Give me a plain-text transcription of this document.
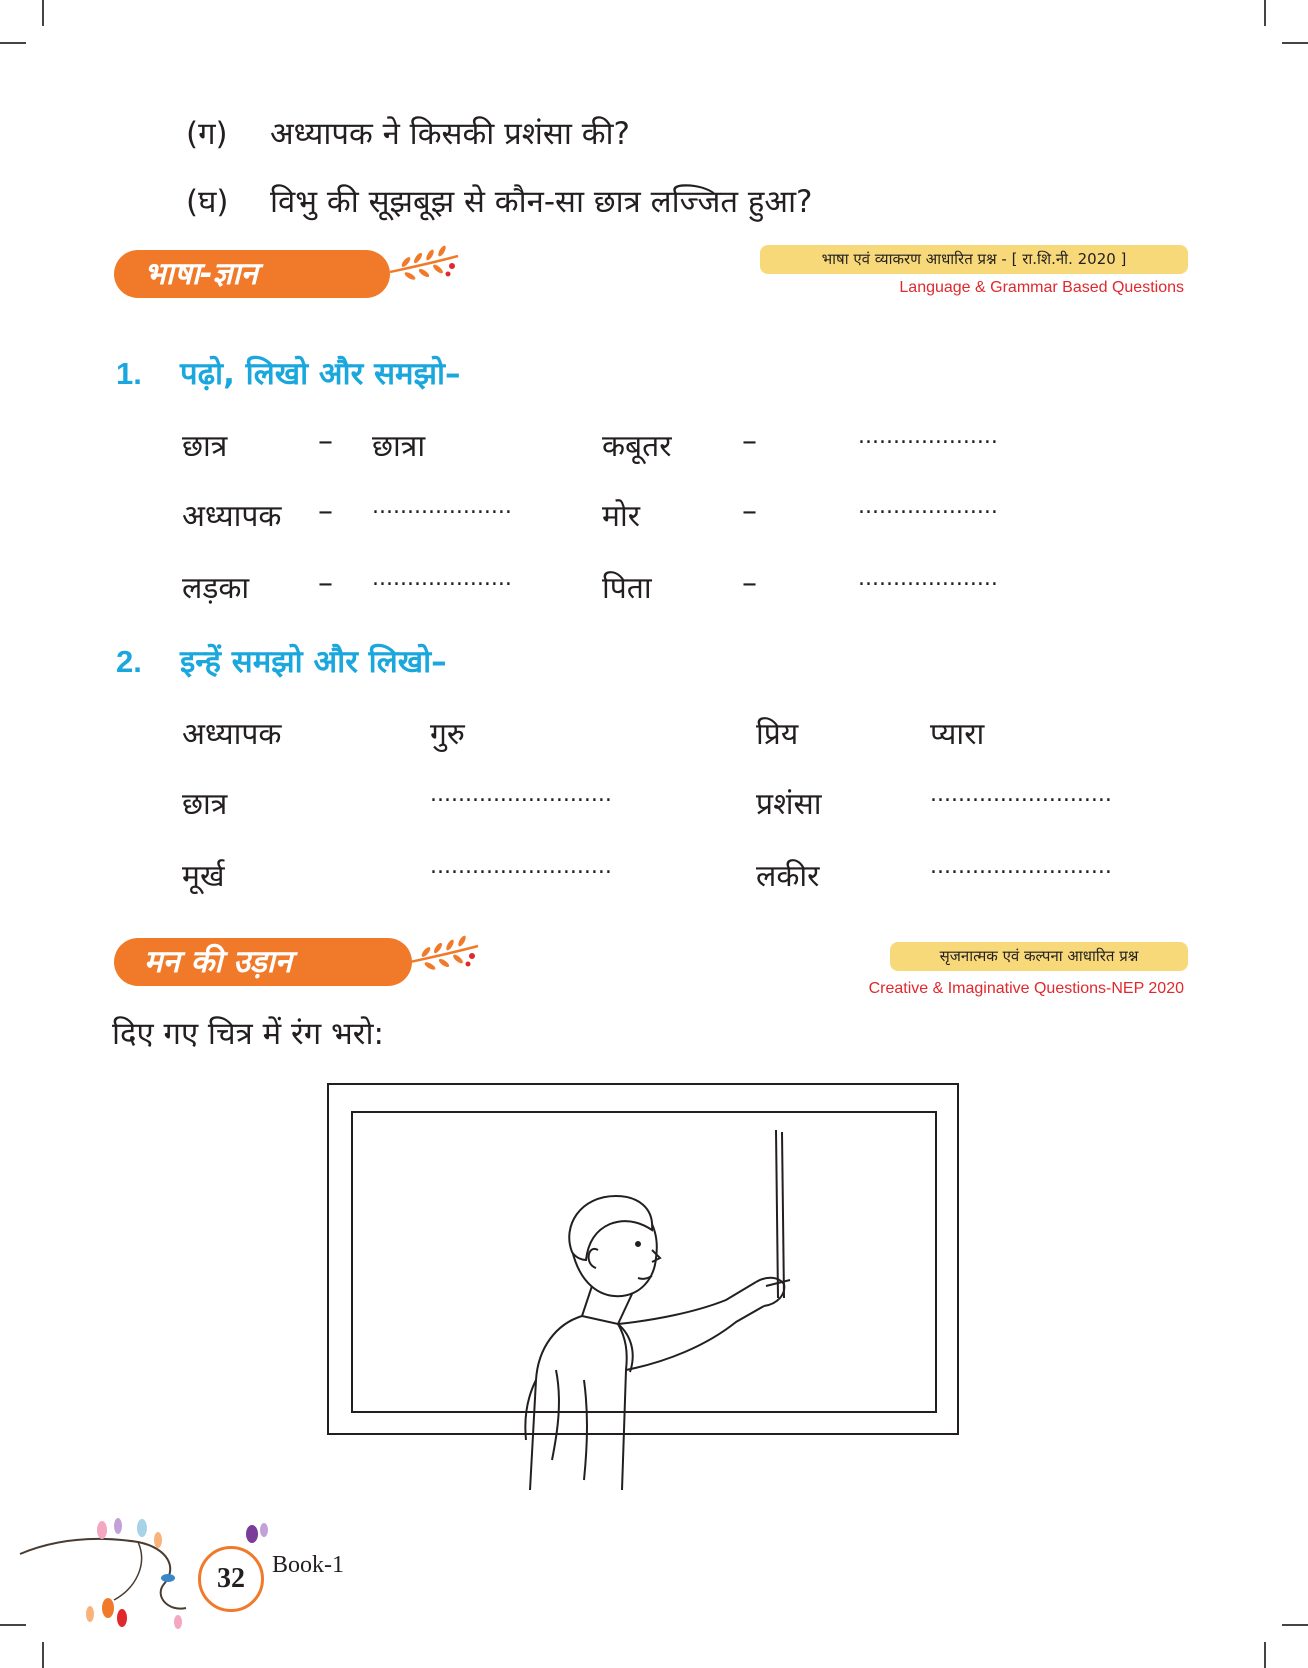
(ग) अध्यापक ने किसकी प्रशंसा की?
(घ) विभु की सूझबूझ से कौन-सा छात्र लज्जित हुआ?
भाषा-ज्ञान	भाषा एवं व्याकरण आधारित प्रश्न - [ रा.शि.नी. 2020 ]
Language & Grammar Based Questions
1. पढ़ो, लिखो और समझो–
छात्र	– छात्रा	कबूतर –	....................
अध्यापक – ....................	मोर	–	....................
लड़का – ....................	पिता	–	....................
2. इन्हें समझो और लिखो–
अध्यापक	गुरु	प्रिय	प्यारा
छात्र	..........................	प्रशंसा	..........................
मूर्ख	..........................	लकीर	..........................
मन की उड़ान	सृजनात्मक एवं कल्पना आधारित प्रश्न
Creative & Imaginative Questions-NEP 2020
दिए गए चित्र में रंग भरो:
32	Book-1
